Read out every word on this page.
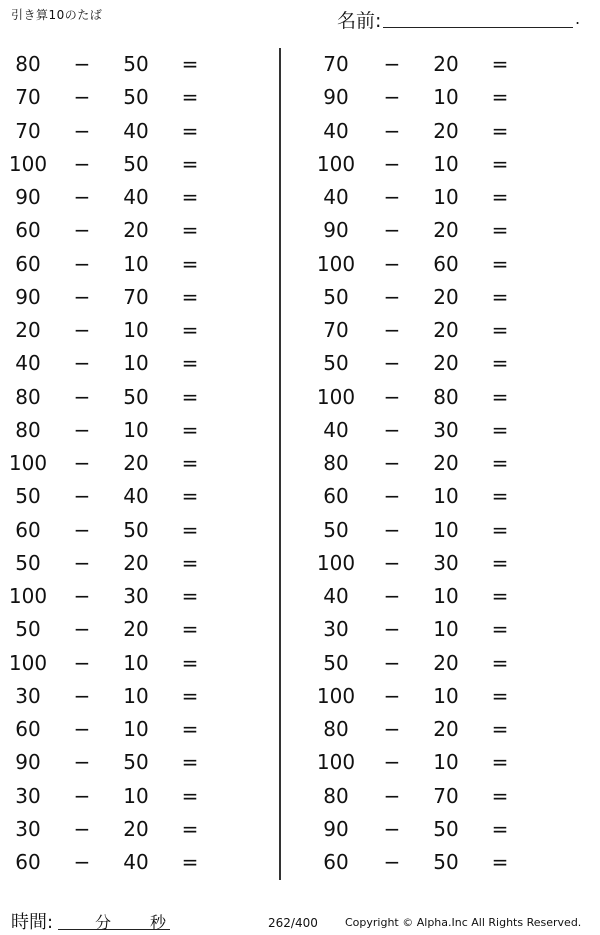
引き算10のたば	名前:	.
80	−	50	=
70	−	50	=
70	−	40	=
100 −	50	=
90	−	40	=
60	−	20	=
60	−	10	=
90	−	70	=
20	−	10	=
40	−	10	=
80	−	50	=
80	−	10	=
100 −	20	=
50	−	40	=
60	−	50	=
50	−	20	=
100 −	30	=
50	−	20	=
100 −	10	=
30	−	10	=
60	−	10	=
90	−	50	=
30	−	10	=
30	−	20	=
60	−	40	=
70	−	20	=
90	−	10	=
40	−	20	=
100 −	10	=
40	−	10	=
90	−	20	=
100 −	60	=
50	−	20	=
70	−	20	=
50	−	20	=
100 −	80	=
40	−	30	=
80	−	20	=
60	−	10	=
50	−	10	=
100 −	30	=
40	−	10	=
30	−	10	=
50	−	20	=
100 −	10	=
80	−	20	=
100 −	10	=
80	−	70	=
90	−	50	=
60	−	50	=
時間:	分 秒	262/400 Copyright © Alpha.Inc All Rights Reserved.
